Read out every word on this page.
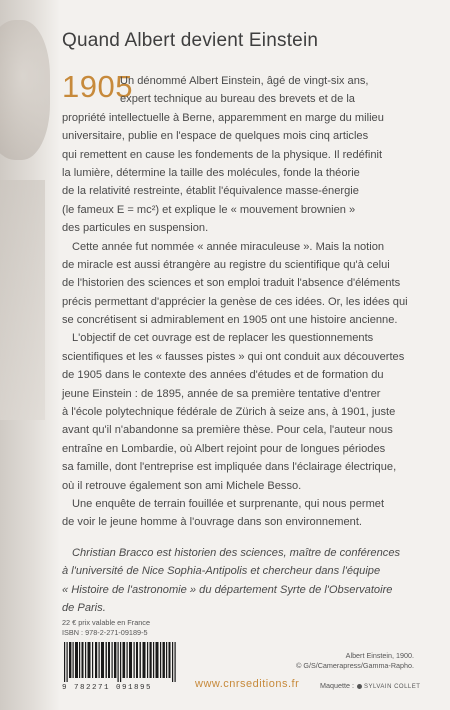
Quand Albert devient Einstein
1905
Un dénommé Albert Einstein, âgé de vingt-six ans,
expert technique au bureau des brevets et de la
propriété intellectuelle à Berne, apparemment en marge du milieu
universitaire, publie en l'espace de quelques mois cinq articles
qui remettent en cause les fondements de la physique. Il redéfinit
la lumière, détermine la taille des molécules, fonde la théorie
de la relativité restreinte, établit l'équivalence masse-énergie
(le fameux E = mc²) et explique le « mouvement brownien »
des particules en suspension.
Cette année fut nommée « année miraculeuse ». Mais la notion
de miracle est aussi étrangère au registre du scientifique qu'à celui
de l'historien des sciences et son emploi traduit l'absence d'éléments
précis permettant d'apprécier la genèse de ces idées. Or, les idées qui
se concrétisent si admirablement en 1905 ont une histoire ancienne.
L'objectif de cet ouvrage est de replacer les questionnements
scientifiques et les « fausses pistes » qui ont conduit aux découvertes
de 1905 dans le contexte des années d'études et de formation du
jeune Einstein : de 1895, année de sa première tentative d'entrer
à l'école polytechnique fédérale de Zürich à seize ans, à 1901, juste
avant qu'il n'abandonne sa première thèse. Pour cela, l'auteur nous
entraîne en Lombardie, où Albert rejoint pour de longues périodes
sa famille, dont l'entreprise est impliquée dans l'éclairage électrique,
où il retrouve également son ami Michele Besso.
Une enquête de terrain fouillée et surprenante, qui nous permet
de voir le jeune homme à l'ouvrage dans son environnement.
Christian Bracco est historien des sciences, maître de conférences
à l'université de Nice Sophia-Antipolis et chercheur dans l'équipe
« Histoire de l'astronomie » du département Syrte de l'Observatoire
de Paris.
22 € prix valable en France
ISBN : 978-2-271-09189-5
9 782271 091895	www.cnrseditions.fr
Albert Einstein, 1900.
© G/S/Camerapress/Gamma-Rapho.
Maquette : SYLVAIN COLLET
